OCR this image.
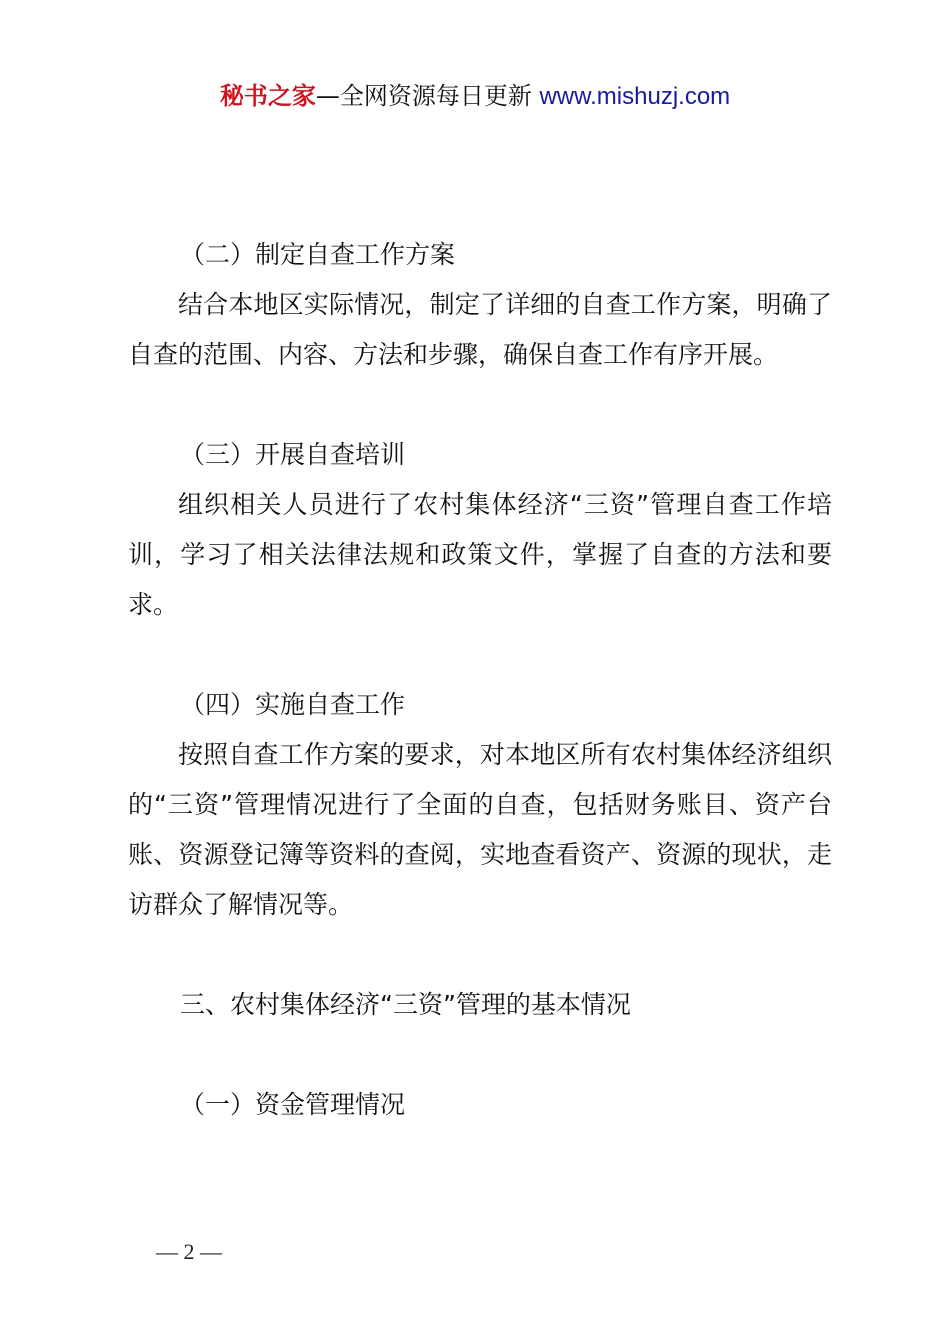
秘书之家—全网资源每日更新 www.mishuzj.com

（二）制定自查工作方案

结合本地区实际情况，制定了详细的自查工作方案，明确了自查的范围、内容、方法和步骤，确保自查工作有序开展。

（三）开展自查培训

组织相关人员进行了农村集体经济“三资”管理自查工作培训，学习了相关法律法规和政策文件，掌握了自查的方法和要求。

（四）实施自查工作

按照自查工作方案的要求，对本地区所有农村集体经济组织的“三资”管理情况进行了全面的自查，包括财务账目、资产台账、资源登记簿等资料的查阅，实地查看资产、资源的现状，走访群众了解情况等。

三、农村集体经济“三资”管理的基本情况

（一）资金管理情况

— 2 —
